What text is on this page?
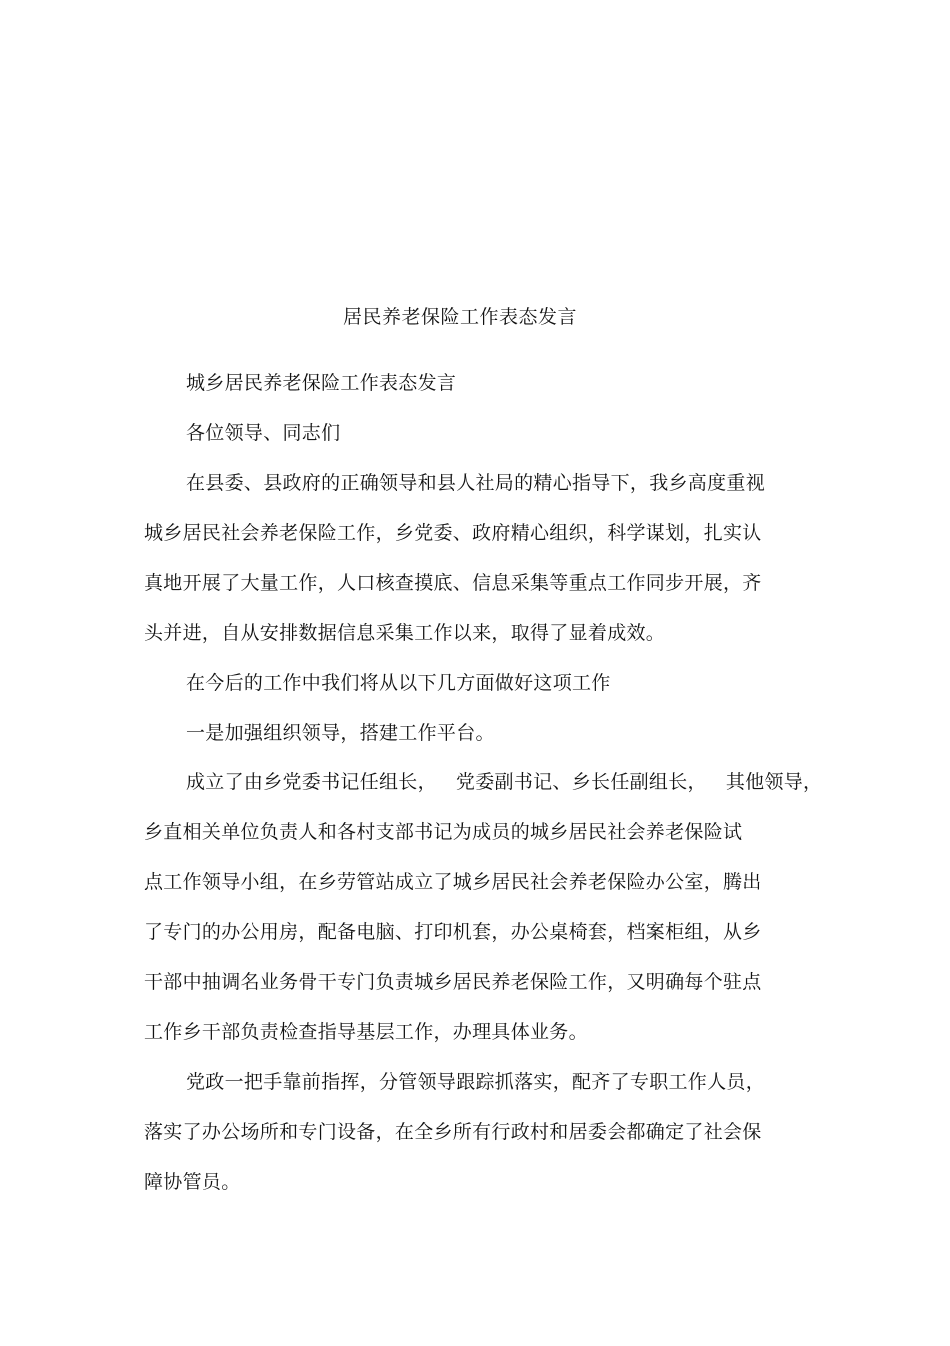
居民养老保险工作表态发言
城乡居民养老保险工作表态发言
各位领导、同志们
在县委、县政府的正确领导和县人社局的精心指导下，我乡高度重视
城乡居民社会养老保险工作，乡党委、政府精心组织，科学谋划，扎实认
真地开展了大量工作，人口核查摸底、信息采集等重点工作同步开展，齐
头并进，自从安排数据信息采集工作以来，取得了显着成效。
在今后的工作中我们将从以下几方面做好这项工作
一是加强组织领导，搭建工作平台。
成立了由乡党委书记任组长，   党委副书记、乡长任副组长，   其他领导，
乡直相关单位负责人和各村支部书记为成员的城乡居民社会养老保险试
点工作领导小组，在乡劳管站成立了城乡居民社会养老保险办公室，腾出
了专门的办公用房，配备电脑、打印机套，办公桌椅套，档案柜组，从乡
干部中抽调名业务骨干专门负责城乡居民养老保险工作，又明确每个驻点
工作乡干部负责检查指导基层工作，办理具体业务。
党政一把手靠前指挥，分管领导跟踪抓落实，配齐了专职工作人员，
落实了办公场所和专门设备，在全乡所有行政村和居委会都确定了社会保
障协管员。
